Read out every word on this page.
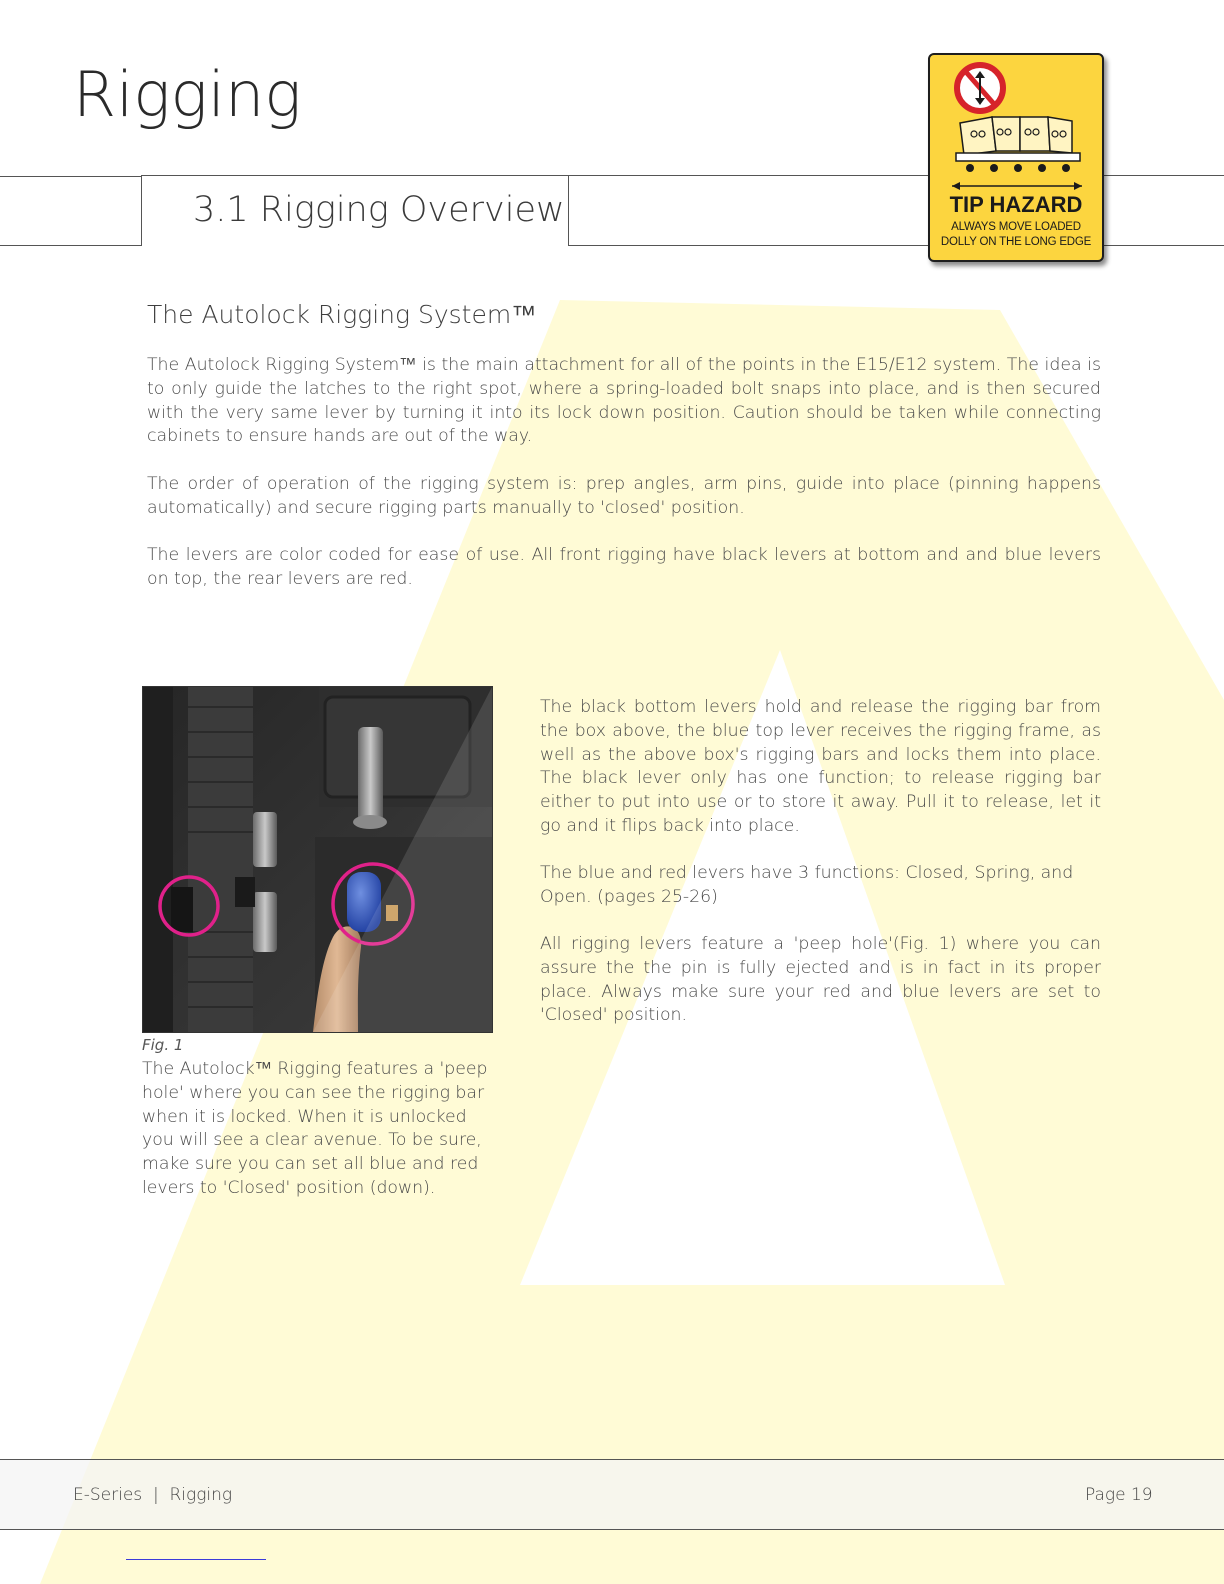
Rigging
3.1 Rigging Overview	TIP HAZARD
ALWAYS MOVE LOADED
DOLLY ON THE LONG EDGE
The Autolock Rigging System™

The Autolock Rigging System™ is the main attachment for all of the points in the E15/E12 system. The idea is to only guide the latches to the right spot, where a spring-loaded bolt snaps into place, and is then secured with the very same lever by turning it into its lock down position. Caution should be taken while connecting cabinets to ensure hands are out of the way.

The order of operation of the rigging system is: prep angles, arm pins, guide into place (pinning happens automatically) and secure rigging parts manually to 'closed' position.

The levers are color coded for ease of use. All front rigging have black levers at bottom and and blue levers on top, the rear levers are red.

Fig. 1

The Autolock™ Rigging features a 'peep hole' where you can see the rigging bar when it is locked. When it is unlocked you will see a clear avenue. To be sure, make sure you can set all blue and red levers to 'Closed' position (down).

The black bottom levers hold and release the rigging bar from the box above, the blue top lever receives the rigging frame, as well as the above box's rigging bars and locks them into place. The black lever only has one function; to release rigging bar either to put into use or to store it away. Pull it to release, let it go and it flips back into place.

The blue and red levers have 3 functions: Closed, Spring, and Open. (pages 25-26)

All rigging levers feature a 'peep hole'(Fig. 1) where you can assure the the pin is fully ejected and is in fact in its proper place. Always make sure your red and blue levers are set to 'Closed' position.

E-Series  |  Rigging	Page 19
